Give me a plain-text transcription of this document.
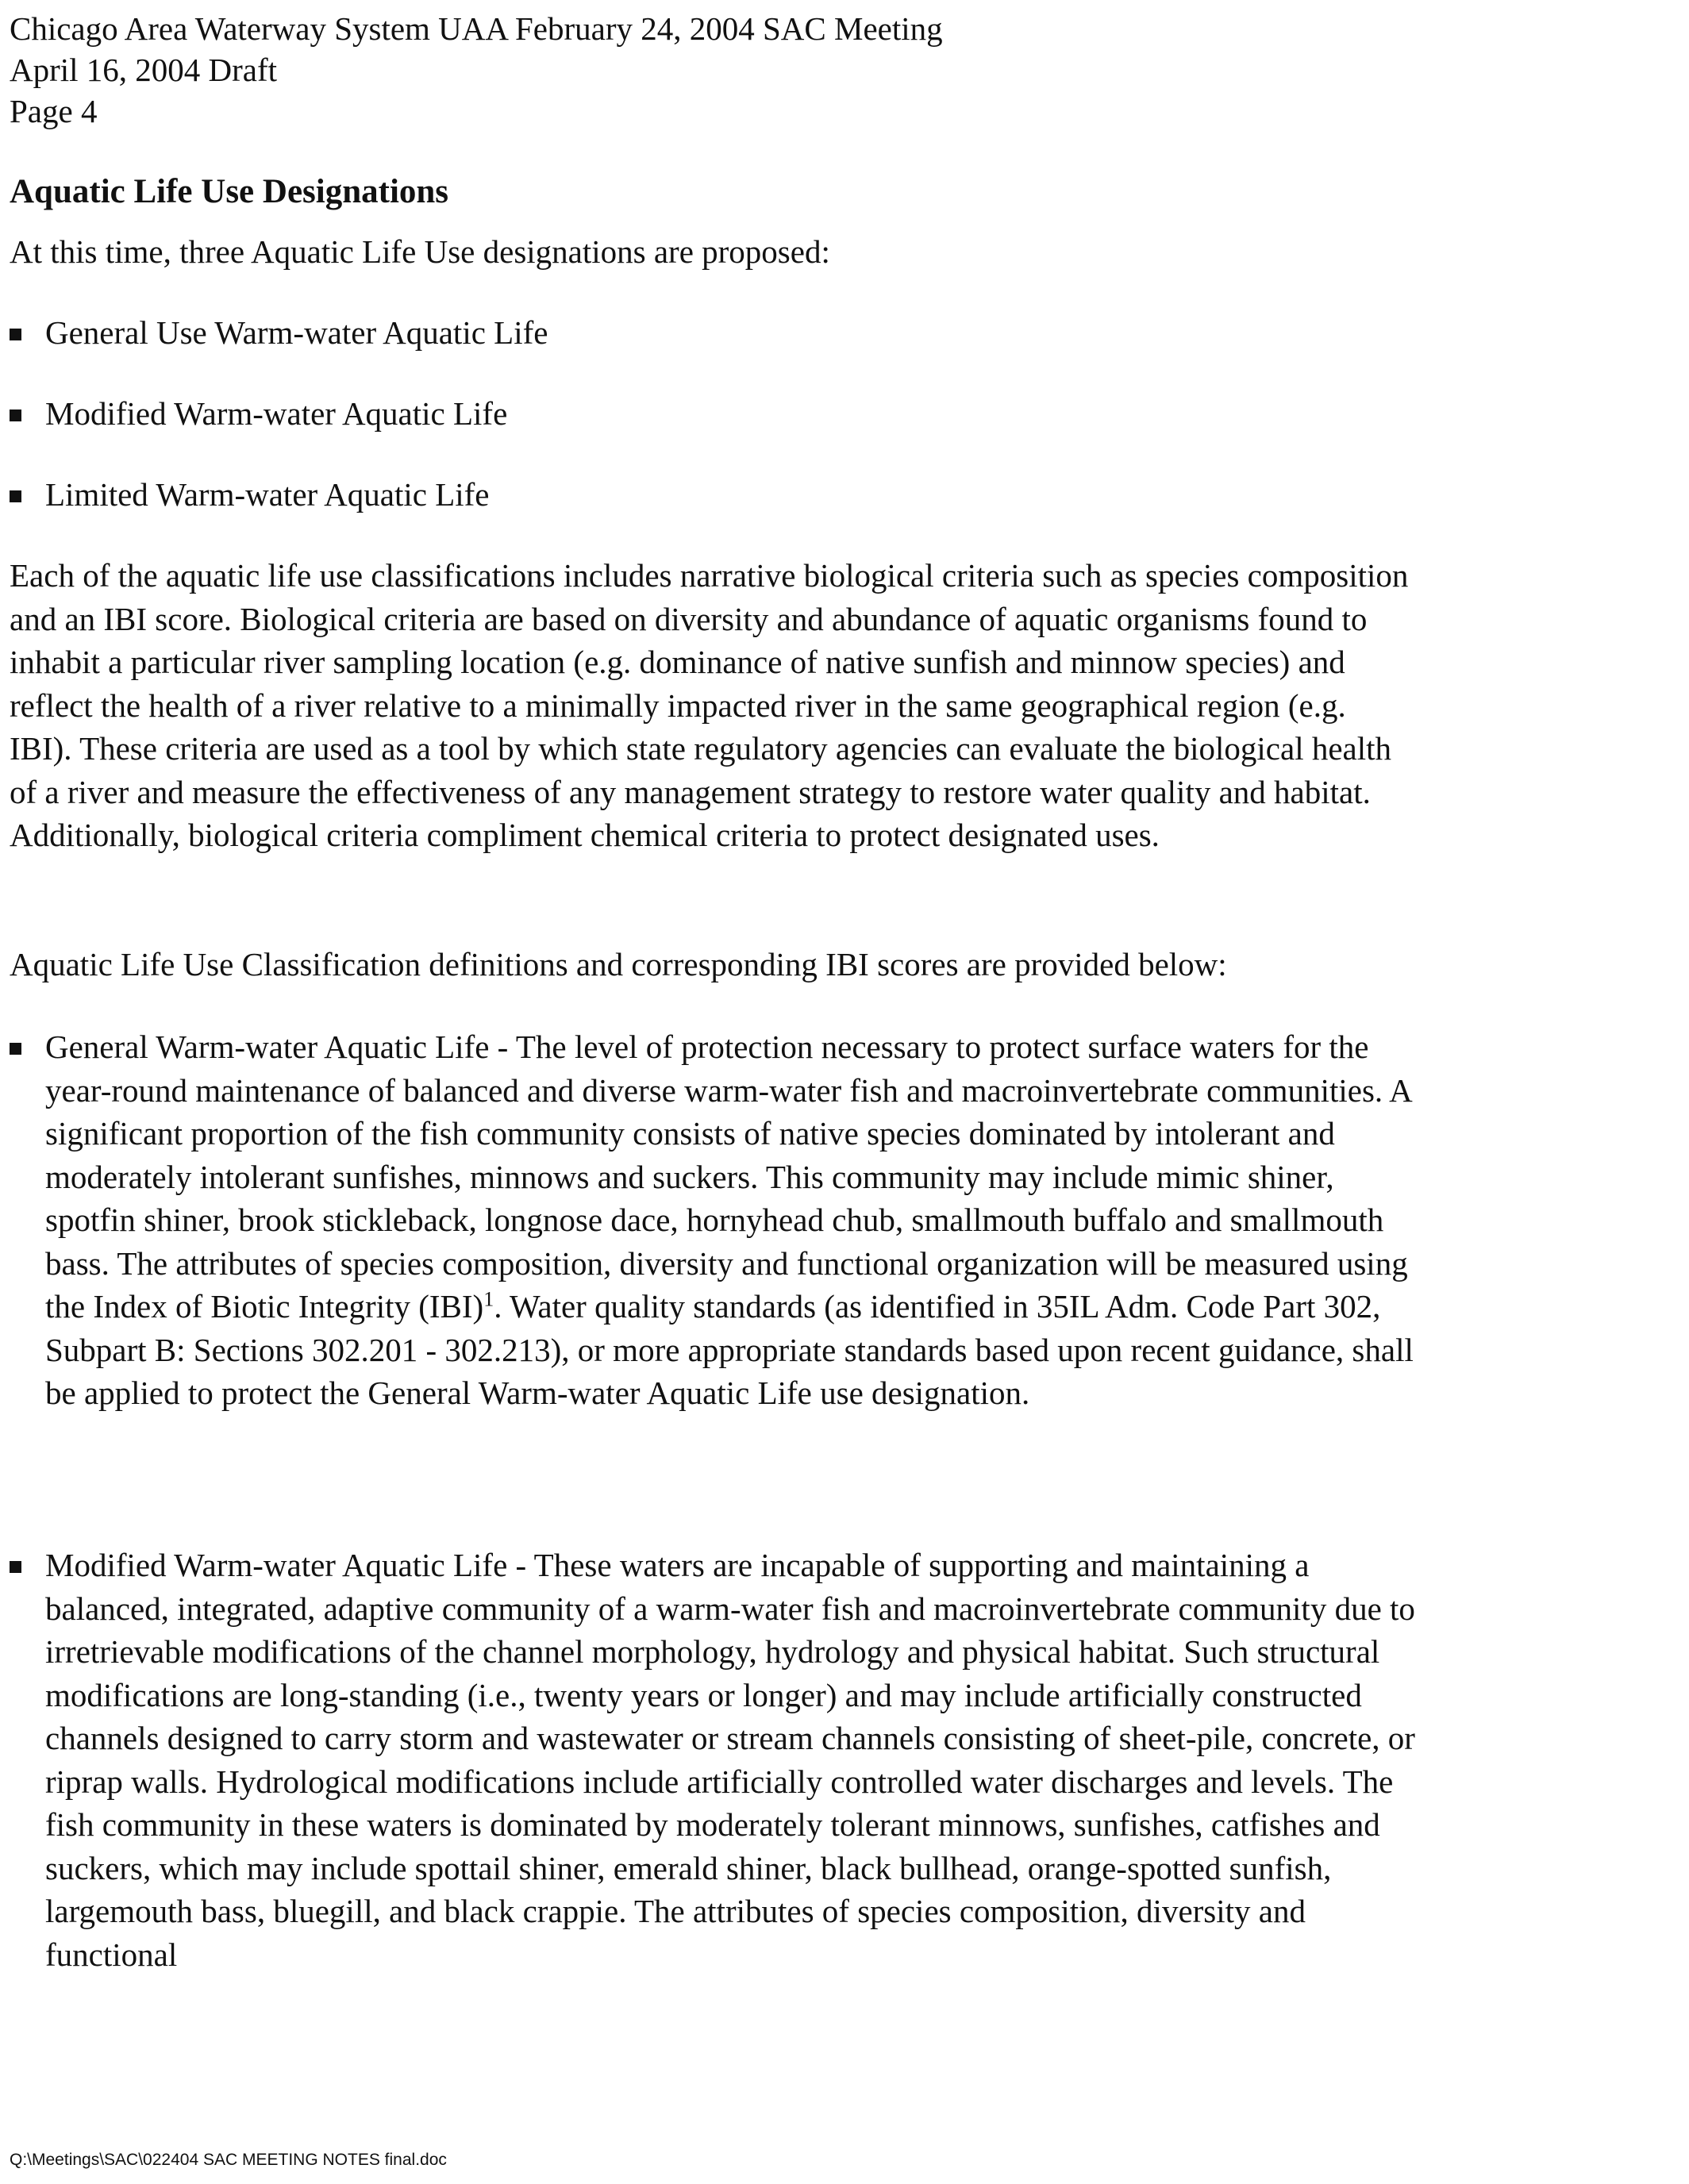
Chicago Area Waterway System UAA February 24, 2004 SAC Meeting

April 16, 2004 Draft

Page 4

Aquatic Life Use Designations

At this time, three Aquatic Life Use designations are proposed:

General Use Warm-water Aquatic Life
Modified Warm-water Aquatic Life
Limited Warm-water Aquatic Life

Each of the aquatic life use classifications includes narrative biological criteria such as species composition and an IBI score. Biological criteria are based on diversity and abundance of aquatic organisms found to inhabit a particular river sampling location (e.g. dominance of native sunfish and minnow species) and reflect the health of a river relative to a minimally impacted river in the same geographical region (e.g. IBI). These criteria are used as a tool by which state regulatory agencies can evaluate the biological health of a river and measure the effectiveness of any management strategy to restore water quality and habitat. Additionally, biological criteria compliment chemical criteria to protect designated uses.

Aquatic Life Use Classification definitions and corresponding IBI scores are provided below:

General Warm-water Aquatic Life - The level of protection necessary to protect surface waters for the year-round maintenance of balanced and diverse warm-water fish and macroinvertebrate communities. A significant proportion of the fish community consists of native species dominated by intolerant and moderately intolerant sunfishes, minnows and suckers. This community may include mimic shiner, spotfin shiner, brook stickleback, longnose dace, hornyhead chub, smallmouth buffalo and smallmouth bass. The attributes of species composition, diversity and functional organization will be measured using the Index of Biotic Integrity (IBI)$^1$. Water quality standards (as identified in 35IL Adm. Code Part 302, Subpart B: Sections 302.201 - 302.213), or more appropriate standards based upon recent guidance, shall be applied to protect the General Warm-water Aquatic Life use designation.

Modified Warm-water Aquatic Life - These waters are incapable of supporting and maintaining a balanced, integrated, adaptive community of a warm-water fish and macroinvertebrate community due to irretrievable modifications of the channel morphology, hydrology and physical habitat. Such structural modifications are long-standing (i.e., twenty years or longer) and may include artificially constructed channels designed to carry storm and wastewater or stream channels consisting of sheet-pile, concrete, or riprap walls. Hydrological modifications include artificially controlled water discharges and levels. The fish community in these waters is dominated by moderately tolerant minnows, sunfishes, catfishes and suckers, which may include spottail shiner, emerald shiner, black bullhead, orange-spotted sunfish, largemouth bass, bluegill, and black crappie. The attributes of species composition, diversity and functional

Q:\Meetings\SAC\022404 SAC MEETING NOTES final.doc
